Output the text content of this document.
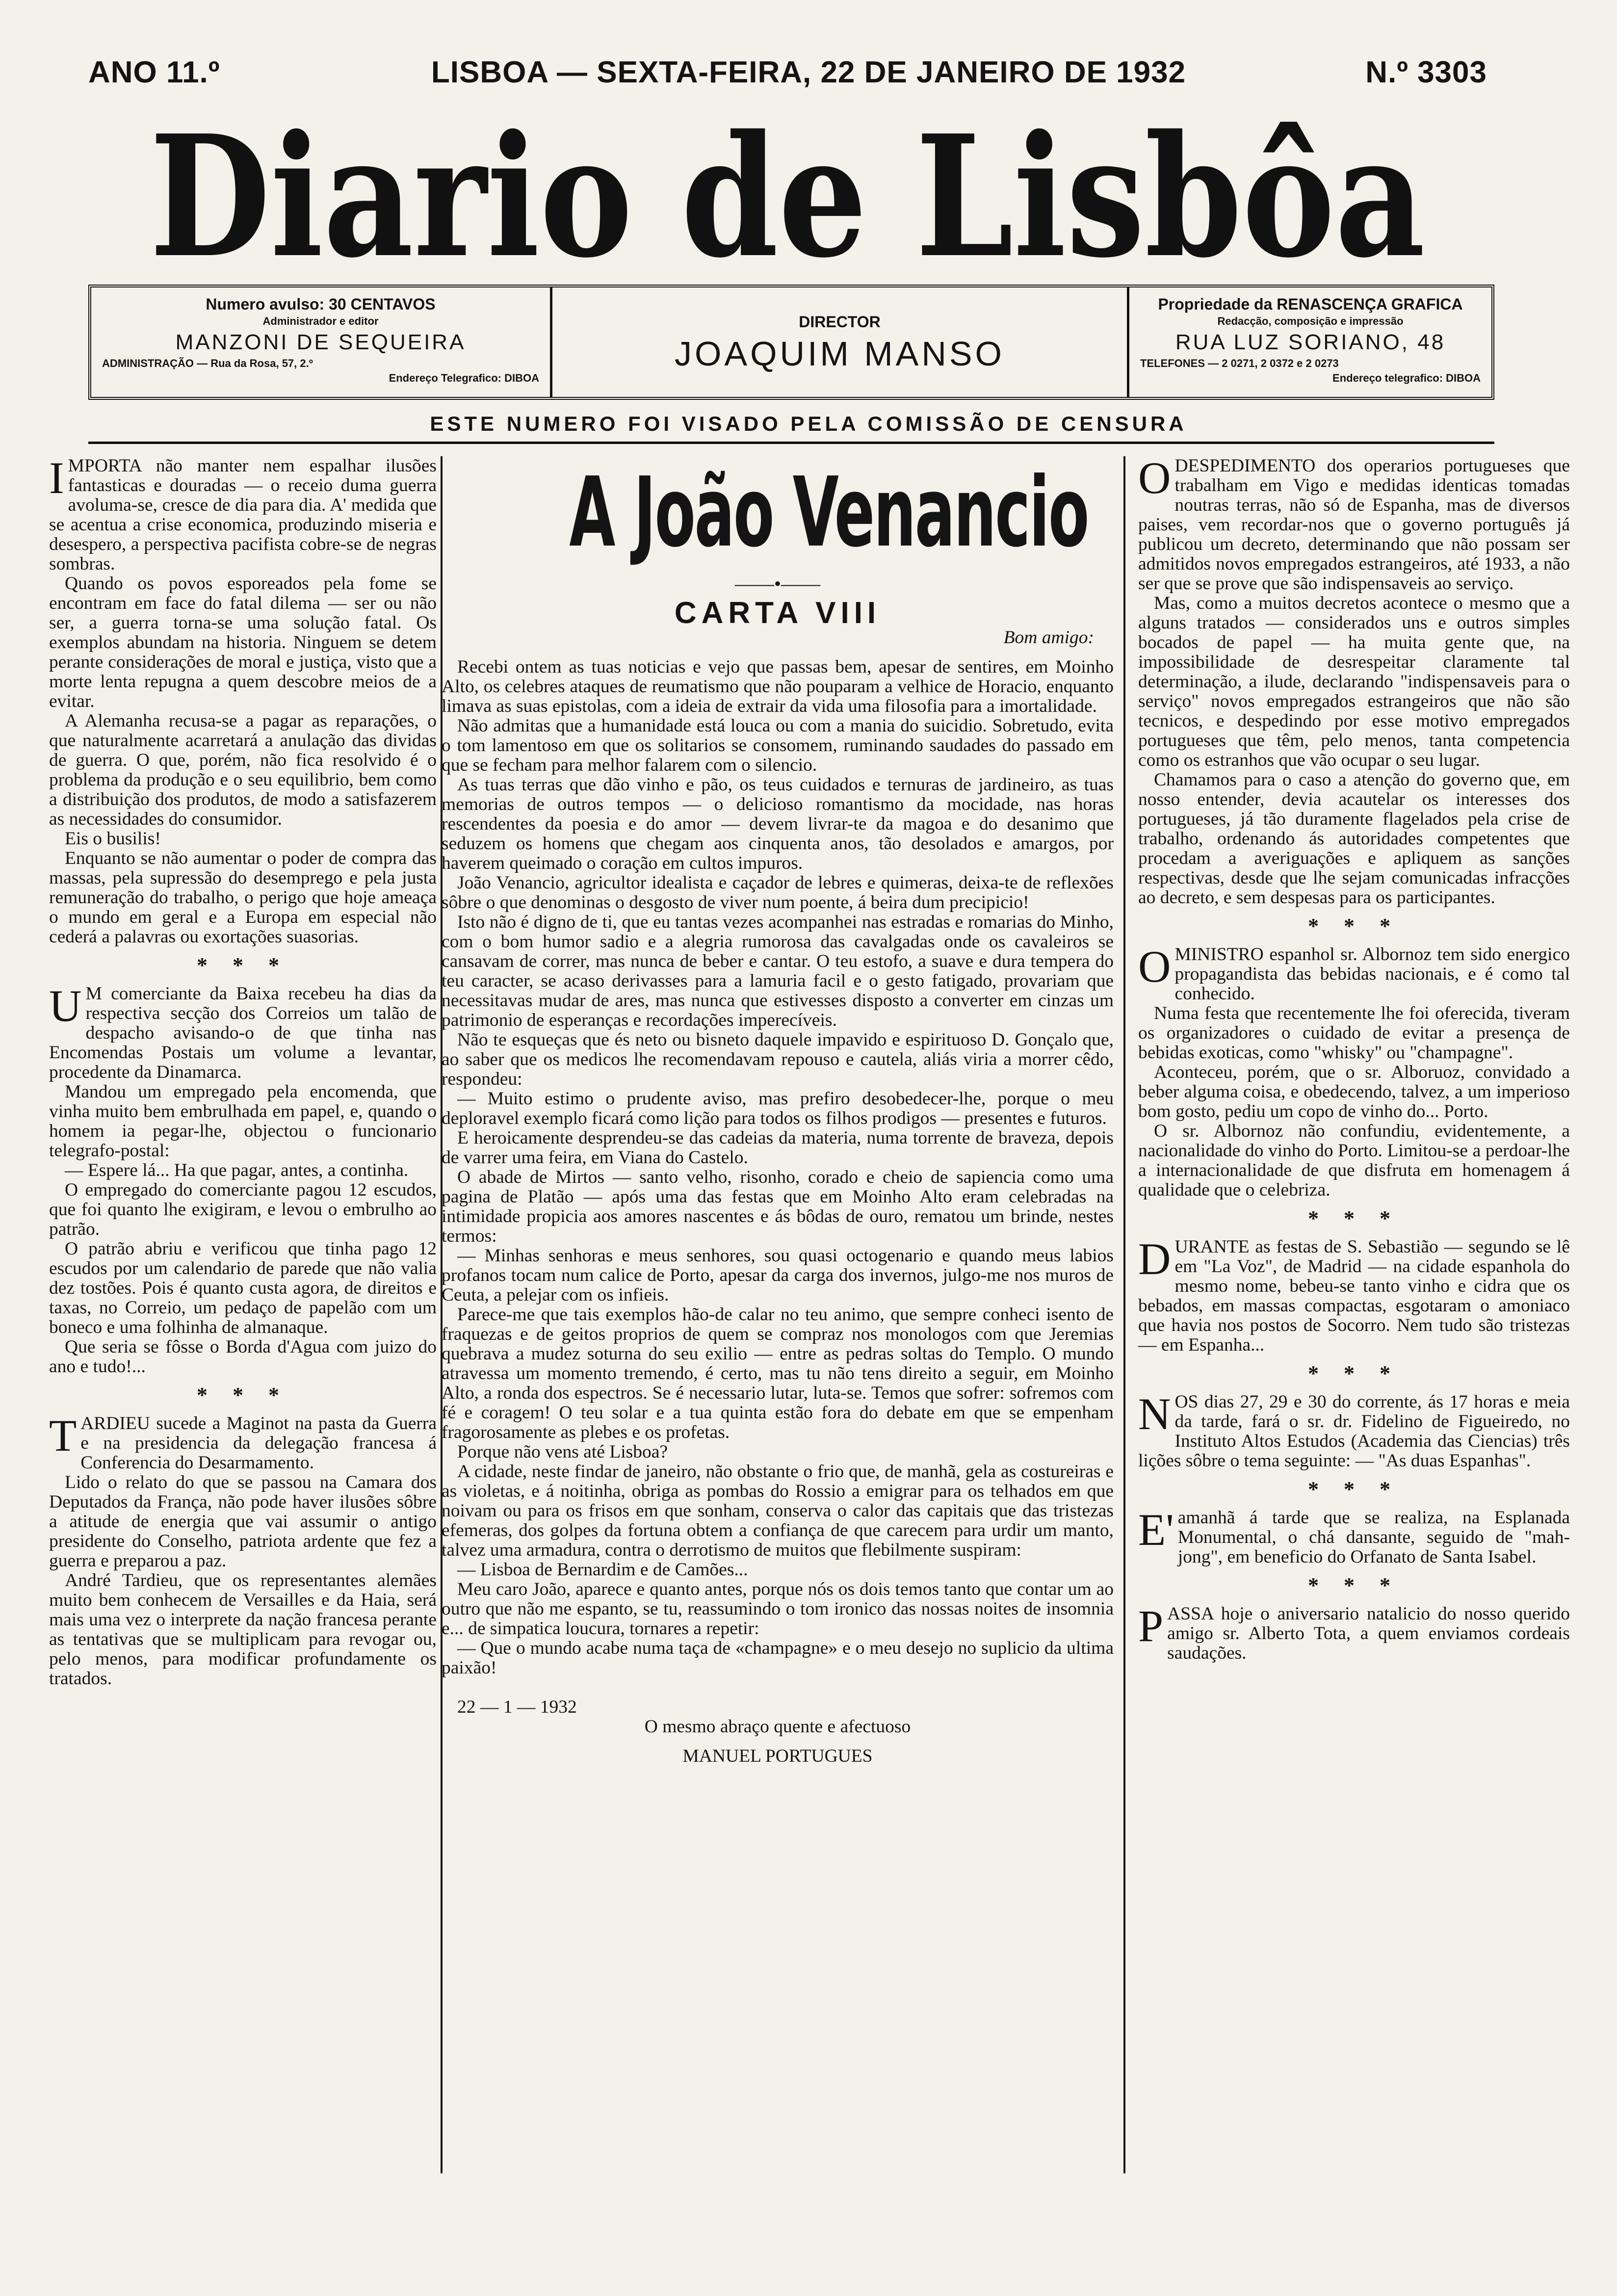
ANO 11.º	LISBOA — SEXTA-FEIRA, 22 DE JANEIRO DE 1932	N.º 3303
Diario de Lisbôa
Numero avulso: 30 CENTAVOS
Administrador e editor
MANZONI DE SEQUEIRA
ADMINISTRAÇÃO — Rua da Rosa, 57, 2.º
Endereço Telegrafico: DIBOA
DIRECTOR
JOAQUIM MANSO
Propriedade da RENASCENÇA GRAFICA
Redacção, composição e impressão
RUA LUZ SORIANO, 48
TELEFONES — 2 0271, 2 0372 e 2 0273
Endereço telegrafico: DIBOA
ESTE NUMERO FOI VISADO PELA COMISSÃO DE CENSURA

IMPORTA não manter nem espalhar ilusões fantasticas e douradas — o receio duma guerra avoluma-se, cresce de dia para dia. A' medida que se acentua a crise economica, produzindo miseria e desespero, a perspectiva pacifista cobre-se de negras sombras.

Quando os povos esporeados pela fome se encontram em face do fatal dilema — ser ou não ser, a guerra torna-se uma solução fatal. Os exemplos abundam na historia. Ninguem se detem perante considerações de moral e justiça, visto que a morte lenta repugna a quem descobre meios de a evitar.

A Alemanha recusa-se a pagar as reparações, o que naturalmente acarretará a anulação das dividas de guerra. O que, porém, não fica resolvido é o problema da produção e o seu equilibrio, bem como a distribuição dos produtos, de modo a satisfazerem as necessidades do consumidor.

Eis o busilis!

Enquanto se não aumentar o poder de compra das massas, pela supressão do desemprego e pela justa remuneração do trabalho, o perigo que hoje ameaça o mundo em geral e a Europa em especial não cederá a palavras ou exortações suasorias.

* * *

U M comerciante da Baixa recebeu ha dias da respectiva secção dos Correios um talão de despacho avisando-o de que tinha nas Encomendas Postais um volume a levantar, procedente da Dinamarca.

Mandou um empregado pela encomenda, que vinha muito bem embrulhada em papel, e, quando o homem ia pegar-lhe, objectou o funcionario telegrafo-postal:

— Espere lá... Ha que pagar, antes, a continha.

O empregado do comerciante pagou 12 escudos, que foi quanto lhe exigiram, e levou o embrulho ao patrão.

O patrão abriu e verificou que tinha pago 12 escudos por um calendario de parede que não valia dez tostões. Pois é quanto custa agora, de direitos e taxas, no Correio, um pedaço de papelão com um boneco e uma folhinha de almanaque.

Que seria se fôsse o Borda d'Agua com juizo do ano e tudo!...

* * *

TARDIEU sucede a Maginot na pasta da Guerra e na presidencia da delegação francesa á Conferencia do Desarmamento.

Lido o relato do que se passou na Camara dos Deputados da França, não pode haver ilusões sôbre a atitude de energia que vai assumir o antigo presidente do Conselho, patriota ardente que fez a guerra e preparou a paz.

André Tardieu, que os representantes alemães muito bem conhecem de Versailles e da Haia, será mais uma vez o interprete da nação francesa perante as tentativas que se multiplicam para revogar ou, pelo menos, para modificar profundamente os tratados.

A João Venancio
——•——
CARTA VIII
Bom amigo:

Recebi ontem as tuas noticias e vejo que passas bem, apesar de sentires, em Moinho Alto, os celebres ataques de reumatismo que não pouparam a velhice de Horacio, enquanto limava as suas epistolas, com a ideia de extrair da vida uma filosofia para a imortalidade.

Não admitas que a humanidade está louca ou com a mania do suicidio. Sobretudo, evita o tom lamentoso em que os solitarios se consomem, ruminando saudades do passado em que se fecham para melhor falarem com o silencio.

As tuas terras que dão vinho e pão, os teus cuidados e ternuras de jardineiro, as tuas memorias de outros tempos — o delicioso romantismo da mocidade, nas horas rescendentes da poesia e do amor — devem livrar-te da magoa e do desanimo que seduzem os homens que chegam aos cinquenta anos, tão desolados e amargos, por haverem queimado o coração em cultos impuros.

João Venancio, agricultor idealista e caçador de lebres e quimeras, deixa-te de reflexões sôbre o que denominas o desgosto de viver num poente, á beira dum precipicio!

Isto não é digno de ti, que eu tantas vezes acompanhei nas estradas e romarias do Minho, com o bom humor sadio e a alegria rumorosa das cavalgadas onde os cavaleiros se cansavam de correr, mas nunca de beber e cantar. O teu estofo, a suave e dura tempera do teu caracter, se acaso derivasses para a lamuria facil e o gesto fatigado, provariam que necessitavas mudar de ares, mas nunca que estivesses disposto a converter em cinzas um patrimonio de esperanças e recordações imperecíveis.

Não te esqueças que és neto ou bisneto daquele impavido e espirituoso D. Gonçalo que, ao saber que os medicos lhe recomendavam repouso e cautela, aliás viria a morrer cêdo, respondeu:

— Muito estimo o prudente aviso, mas prefiro desobedecer-lhe, porque o meu deploravel exemplo ficará como lição para todos os filhos prodigos — presentes e futuros.

E heroicamente desprendeu-se das cadeias da materia, numa torrente de braveza, depois de varrer uma feira, em Viana do Castelo.

O abade de Mirtos — santo velho, risonho, corado e cheio de sapiencia como uma pagina de Platão — após uma das festas que em Moinho Alto eram celebradas na intimidade propicia aos amores nascentes e ás bôdas de ouro, rematou um brinde, nestes termos:

— Minhas senhoras e meus senhores, sou quasi octogenario e quando meus labios profanos tocam num calice de Porto, apesar da carga dos invernos, julgo-me nos muros de Ceuta, a pelejar com os infieis.

Parece-me que tais exemplos hão-de calar no teu animo, que sempre conheci isento de fraquezas e de geitos proprios de quem se compraz nos monologos com que Jeremias quebrava a mudez soturna do seu exilio — entre as pedras soltas do Templo. O mundo atravessa um momento tremendo, é certo, mas tu não tens direito a seguir, em Moinho Alto, a ronda dos espectros. Se é necessario lutar, luta-se. Temos que sofrer: sofremos com fé e coragem! O teu solar e a tua quinta estão fora do debate em que se empenham fragorosamente as plebes e os profetas.

Porque não vens até Lisboa?

A cidade, neste findar de janeiro, não obstante o frio que, de manhã, gela as costureiras e as violetas, e á noitinha, obriga as pombas do Rossio a emigrar para os telhados em que noivam ou para os frisos em que sonham, conserva o calor das capitais que das tristezas efemeras, dos golpes da fortuna obtem a confiança de que carecem para urdir um manto, talvez uma armadura, contra o derrotismo de muitos que flebilmente suspiram:

— Lisboa de Bernardim e de Camões...

Meu caro João, aparece e quanto antes, porque nós os dois temos tanto que contar um ao outro que não me espanto, se tu, reassumindo o tom ironico das nossas noites de insomnia e... de simpatica loucura, tornares a repetir:

— Que o mundo acabe numa taça de «champagne» e o meu desejo no suplicio da ultima paixão!

22 — 1 — 1932

O mesmo abraço quente e afectuoso

MANUEL PORTUGUES

ODESPEDIMENTO dos operarios portugueses que trabalham em Vigo e medidas identicas tomadas noutras terras, não só de Espanha, mas de diversos paises, vem recordar-nos que o governo português já publicou um decreto, determinando que não possam ser admitidos novos empregados estrangeiros, até 1933, a não ser que se prove que são indispensaveis ao serviço.

Mas, como a muitos decretos acontece o mesmo que a alguns tratados — considerados uns e outros simples bocados de papel — ha muita gente que, na impossibilidade de desrespeitar claramente tal determinação, a ilude, declarando "indispensaveis para o serviço" novos empregados estrangeiros que não são tecnicos, e despedindo por esse motivo empregados portugueses que têm, pelo menos, tanta competencia como os estranhos que vão ocupar o seu lugar.

Chamamos para o caso a atenção do governo que, em nosso entender, devia acautelar os interesses dos portugueses, já tão duramente flagelados pela crise de trabalho, ordenando ás autoridades competentes que procedam a averiguações e apliquem as sanções respectivas, desde que lhe sejam comunicadas infracções ao decreto, e sem despesas para os participantes.

* * *

OMINISTRO espanhol sr. Albornoz tem sido energico propagandista das bebidas nacionais, e é como tal conhecido.

Numa festa que recentemente lhe foi oferecida, tiveram os organizadores o cuidado de evitar a presença de bebidas exoticas, como "whisky" ou "champagne".

Aconteceu, porém, que o sr. Alboruoz, convidado a beber alguma coisa, e obedecendo, talvez, a um imperioso bom gosto, pediu um copo de vinho do... Porto.

O sr. Albornoz não confundiu, evidentemente, a nacionalidade do vinho do Porto. Limitou-se a perdoar-lhe a internacionalidade de que disfruta em homenagem á qualidade que o celebriza.

* * *

DURANTE as festas de S. Sebastião — segundo se lê em "La Voz", de Madrid — na cidade espanhola do mesmo nome, bebeu-se tanto vinho e cidra que os bebados, em massas compactas, esgotaram o amoniaco que havia nos postos de Socorro. Nem tudo são tristezas — em Espanha...

* * *

NOS dias 27, 29 e 30 do corrente, ás 17 horas e meia da tarde, fará o sr. dr. Fidelino de Figueiredo, no Instituto Altos Estudos (Academia das Ciencias) três lições sôbre o tema seguinte: — "As duas Espanhas".

* * *

E' amanhã á tarde que se realiza, na Esplanada Monumental, o chá dansante, seguido de "mah-jong", em beneficio do Orfanato de Santa Isabel.

* * *

PASSA hoje o aniversario natalicio do nosso querido amigo sr. Alberto Tota, a quem enviamos cordeais saudações.
